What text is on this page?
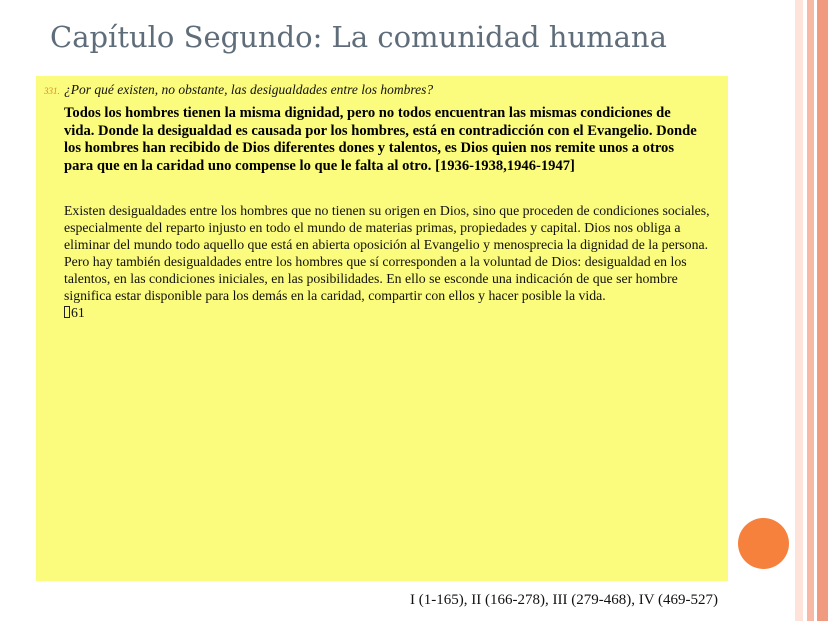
Capítulo Segundo: La comunidad humana
331. ¿Por qué existen, no obstante, las desigualdades entre los hombres?

Todos los hombres tienen la misma dignidad, pero no todos encuentran las mismas condiciones de vida. Donde la desigualdad es causada por los hombres, está en contradicción con el Evangelio. Donde los hombres han recibido de Dios diferentes dones y talentos, es Dios quien nos remite unos a otros para que en la caridad uno compense lo que le falta al otro. [1936-1938,1946-1947]

Existen desigualdades entre los hombres que no tienen su origen en Dios, sino que proceden de condiciones sociales, especialmente del reparto injusto en todo el mundo de materias primas, propiedades y capital. Dios nos obliga a eliminar del mundo todo aquello que está en abierta oposición al Evangelio y menosprecia la dignidad de la persona. Pero hay también desigualdades entre los hombres que sí corresponden a la voluntad de Dios: desigualdad en los talentos, en las condiciones iniciales, en las posibilidades. En ello se esconde una indicación de que ser hombre significa estar disponible para los demás en la caridad, compartir con ellos y hacer posible la vida.
61

I (1-165), II (166-278), III (279-468), IV (469-527)
